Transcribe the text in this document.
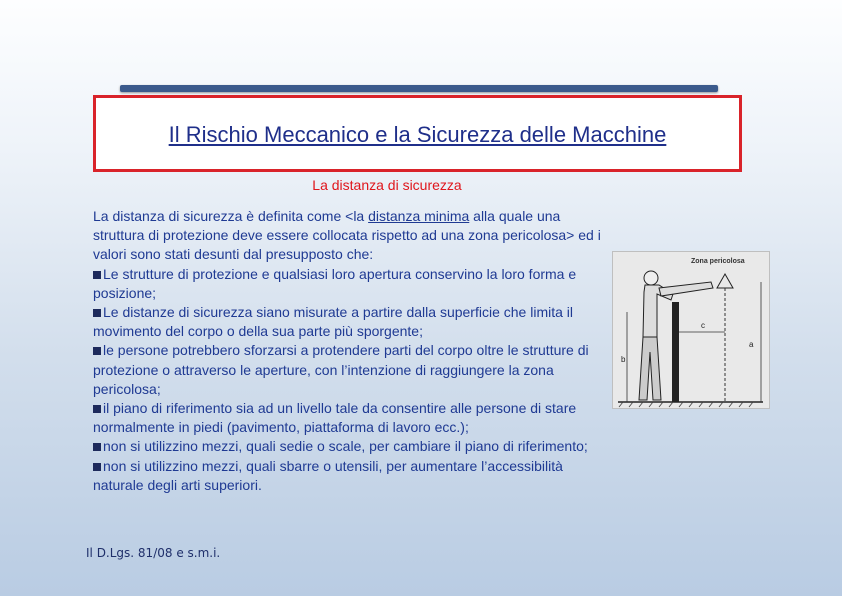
Il Rischio Meccanico e la Sicurezza delle Macchine
La distanza di sicurezza
La distanza di sicurezza è definita come <la distanza minima alla quale una struttura di protezione deve essere collocata rispetto ad una zona pericolosa> ed i valori sono stati desunti dal presupposto che:
Le strutture di protezione e qualsiasi loro apertura conservino la loro forma e posizione;
Le distanze di sicurezza siano misurate a partire dalla superficie che limita il movimento del corpo o della sua parte più sporgente;
le persone potrebbero sforzarsi a protendere parti del corpo oltre le strutture di protezione o attraverso le aperture, con l’intenzione di raggiungere la zona pericolosa;
il piano di riferimento sia ad un livello tale da consentire alle persone di stare normalmente in piedi (pavimento, piattaforma di lavoro ecc.);
non si utilizzino mezzi, quali sedie o scale, per cambiare il piano di riferimento;
non si utilizzino mezzi, quali sbarre o utensili, per aumentare l’accessibilità naturale degli arti superiori.
Zona pericolosa
a
b
c
Il D.Lgs. 81/08 e s.m.i.
